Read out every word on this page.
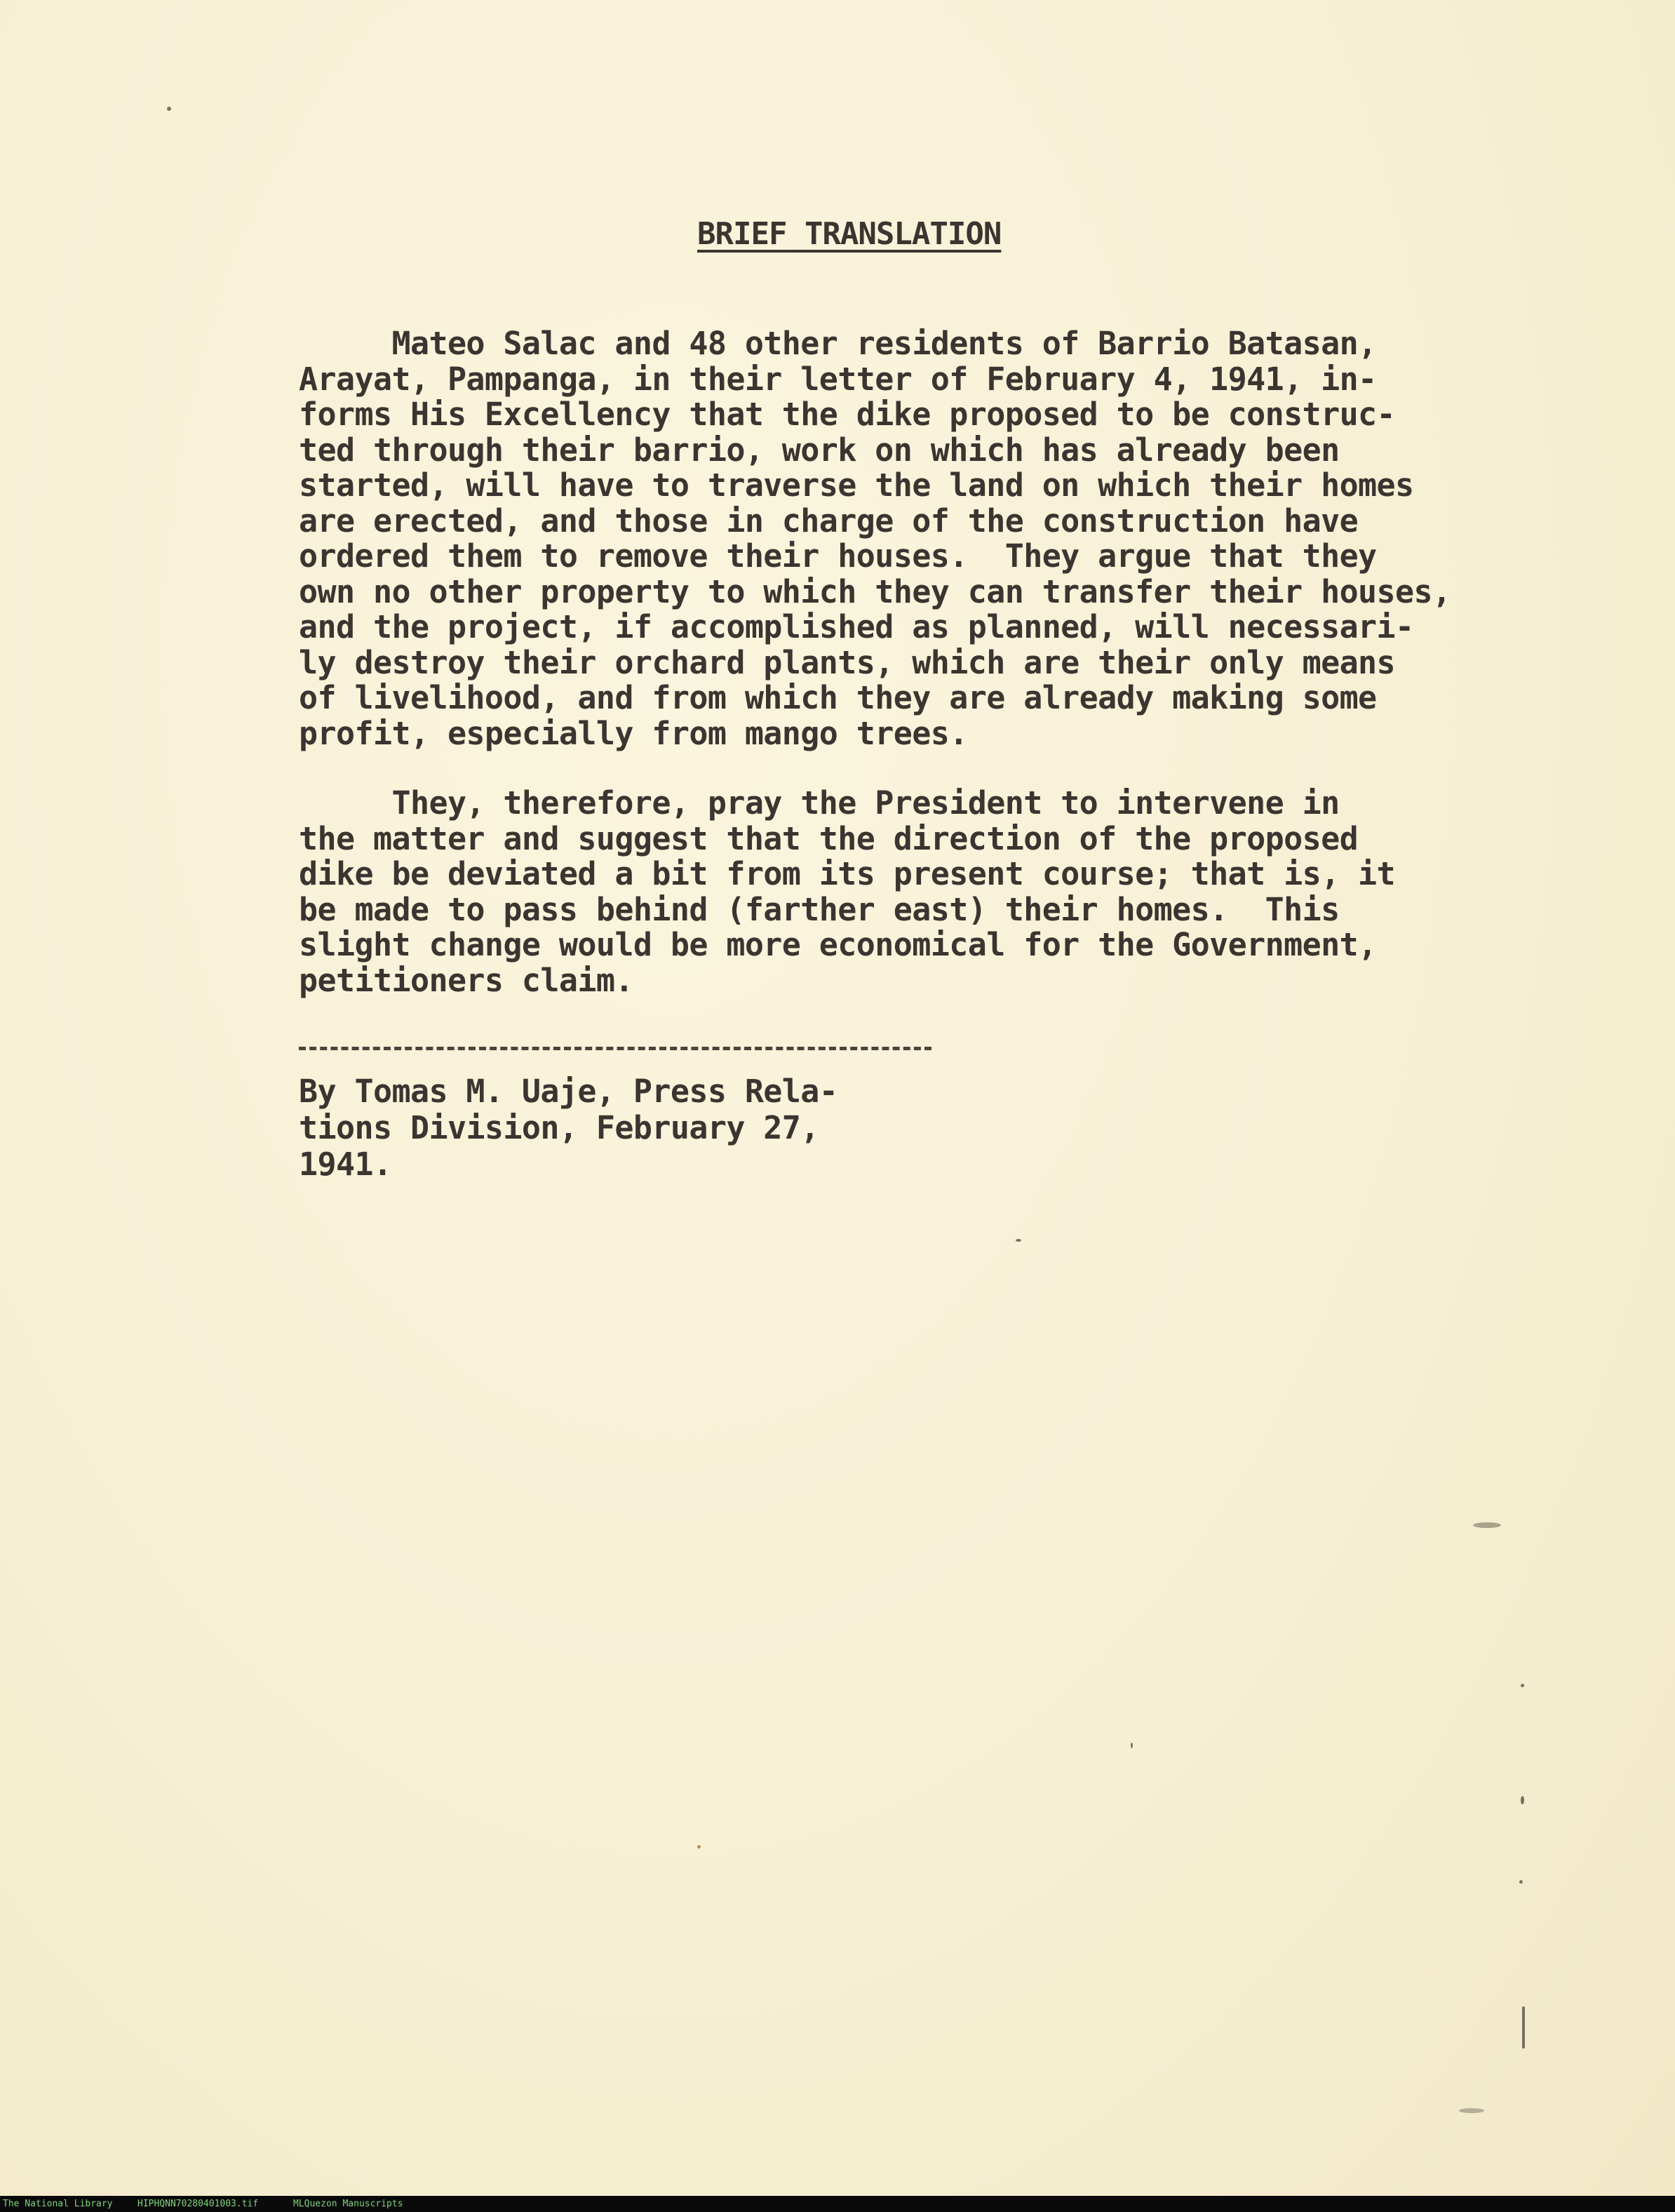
BRIEF TRANSLATION
Mateo Salac and 48 other residents of Barrio Batasan,
Arayat, Pampanga, in their letter of February 4, 1941, in-
forms His Excellency that the dike proposed to be construc-
ted through their barrio, work on which has already been
started, will have to traverse the land on which their homes
are erected, and those in charge of the construction have
ordered them to remove their houses.  They argue that they
own no other property to which they can transfer their houses,
and the project, if accomplished as planned, will necessari-
ly destroy their orchard plants, which are their only means
of livelihood, and from which they are already making some
profit, especially from mango trees.
They, therefore, pray the President to intervene in
the matter and suggest that the direction of the proposed
dike be deviated a bit from its present course; that is, it
be made to pass behind (farther east) their homes.  This
slight change would be more economical for the Government,
petitioners claim.
By Tomas M. Uaje, Press Rela-
tions Division, February 27,
1941.
The National Library	HIPHQNN70280401003.tif	MLQuezon Manuscripts
